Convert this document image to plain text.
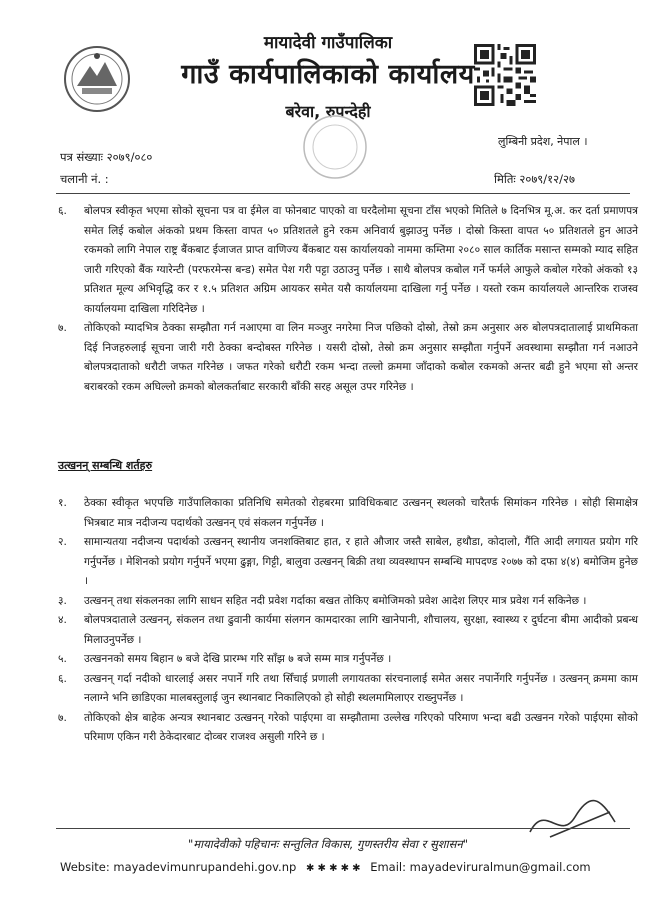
मायादेवी गाउँपालिका
गाउँ कार्यपालिकाको कार्यालय
बरेवा, रुपन्देही
लुम्बिनी प्रदेश, नेपाल ।
पत्र संख्याः २०७९/०८०
चलानी नं. :	मितिः २०७९/१२/२७
६.	बोलपत्र स्वीकृत भएमा सोको सूचना पत्र वा ईमेल वा फोनबाट पाएको वा घरदैलोमा सूचना टाँस भएको मितिले ७ दिनभित्र मू.अ. कर दर्ता प्रमाणपत्र समेत लिई कबोल अंकको प्रथम किस्ता वापत ५० प्रतिशतले हुने रकम अनिवार्य बुझाउनु पर्नेछ । दोस्रो किस्ता वापत ५० प्रतिशतले हुन आउने रकमको लागि नेपाल राष्ट्र बैंकबाट ईजाजत प्राप्त वाणिज्य बैंकबाट यस कार्यालयको नाममा कम्तिमा २०८० साल कार्तिक मसान्त सम्मको म्याद सहित जारी गरिएको बैंक ग्यारेन्टी (परफरमेन्स बन्ड) समेत पेश गरी पट्टा उठाउनु पर्नेछ । साथै बोलपत्र कबोल गर्ने फर्मले आफुले कबोल गरेको अंकको १३ प्रतिशत मूल्य अभिवृद्धि कर र १.५ प्रतिशत अग्रिम आयकर समेत यसै कार्यालयमा दाखिला गर्नु पर्नेछ । यस्तो रकम कार्यालयले आन्तरिक राजस्व कार्यालयमा दाखिला गरिदिनेछ ।
७.	तोकिएको म्यादभित्र ठेक्का सम्झौता गर्न नआएमा वा लिन मञ्जुर नगरेमा निज पछिको दोस्रो, तेस्रो क्रम अनुसार अरु बोलपत्रदातालाई प्राथमिकता दिई निजहरुलाई सूचना जारी गरी ठेक्का बन्दोबस्त गरिनेछ । यसरी दोस्रो, तेस्रो क्रम अनुसार सम्झौता गर्नुपर्ने अवस्थामा सम्झौता गर्न नआउने बोलपत्रदाताको धरौटी जफत गरिनेछ । जफत गरेको धरौटी रकम भन्दा तल्लो क्रममा जाँदाको कबोल रकमको अन्तर बढी हुने भएमा सो अन्तर बराबरको रकम अघिल्लो क्रमको बोलकर्ताबाट सरकारी बाँकी सरह असूल उपर गरिनेछ ।
उत्खनन् सम्बन्धि शर्तहरु
१.	ठेक्का स्वीकृत भएपछि गाउँपालिकाका प्रतिनिधि समेतको रोहबरमा प्राविधिकबाट उत्खनन् स्थलको चारैतर्फ सिमांकन गरिनेछ । सोही सिमाक्षेत्र भित्रबाट मात्र नदीजन्य पदार्थको उत्खनन् एवं संकलन गर्नुपर्नेछ ।
२.	सामान्यतया नदीजन्य पदार्थको उत्खनन् स्थानीय जनशक्तिबाट हात, र हाते औजार जस्तै साबेल, हथौडा, कोदालो, गैंति आदी लगायत प्रयोग गरि गर्नुपर्नेछ । मेशिनको प्रयोग गर्नुपर्ने भएमा ढुङ्गा, गिट्टी, बालुवा उत्खनन् बिक्री तथा व्यवस्थापन सम्बन्धि मापदण्ड २०७७ को दफा ४(४) बमोजिम हुनेछ ।
३.	उत्खनन् तथा संकलनका लागि साधन सहित नदी प्रवेश गर्दाका बखत तोकिए बमोजिमको प्रवेश आदेश लिएर मात्र प्रवेश गर्न सकिनेछ ।
४.	बोलपत्रदाताले उत्खनन्, संकलन तथा ढुवानी कार्यमा संलगन कामदारका लागि खानेपानी, शौचालय, सुरक्षा, स्वास्थ्य र दुर्घटना बीमा आदीको प्रबन्ध मिलाउनुपर्नेछ ।
५.	उत्खननको समय बिहान ७ बजे देखि प्रारम्भ गरि साँझ ७ बजे सम्म मात्र गर्नुपर्नेछ ।
६.	उत्खनन् गर्दा नदीको धारलाई असर नपार्ने गरि तथा सिँचाई प्रणाली लगायतका संरचनालाई समेत असर नपार्नेगरि गर्नुपर्नेछ । उत्खनन् क्रममा काम नलाग्ने भनि छाडिएका मालबस्तुलाई जुन स्थानबाट निकालिएको हो सोही स्थलमामिलाएर राख्नुपर्नेछ ।
७.	तोकिएको क्षेत्र बाहेक अन्यत्र स्थानबाट उत्खनन् गरेको पाईएमा वा सम्झौतामा उल्लेख गरिएको परिमाण भन्दा बढी उत्खनन गरेको पाईएमा सोको परिमाण एकिन गरी ठेकेदारबाट दोव्बर राजश्व असुली गरिने छ ।
"मायादेवीको पहिचानः सन्तुलित विकास, गुणस्तरीय सेवा र सुशासन"
Website: mayadevimunrupandehi.gov.np ✱ ✱ ✱ ✱ ✱ Email: mayadeviruralmun@gmail.com
